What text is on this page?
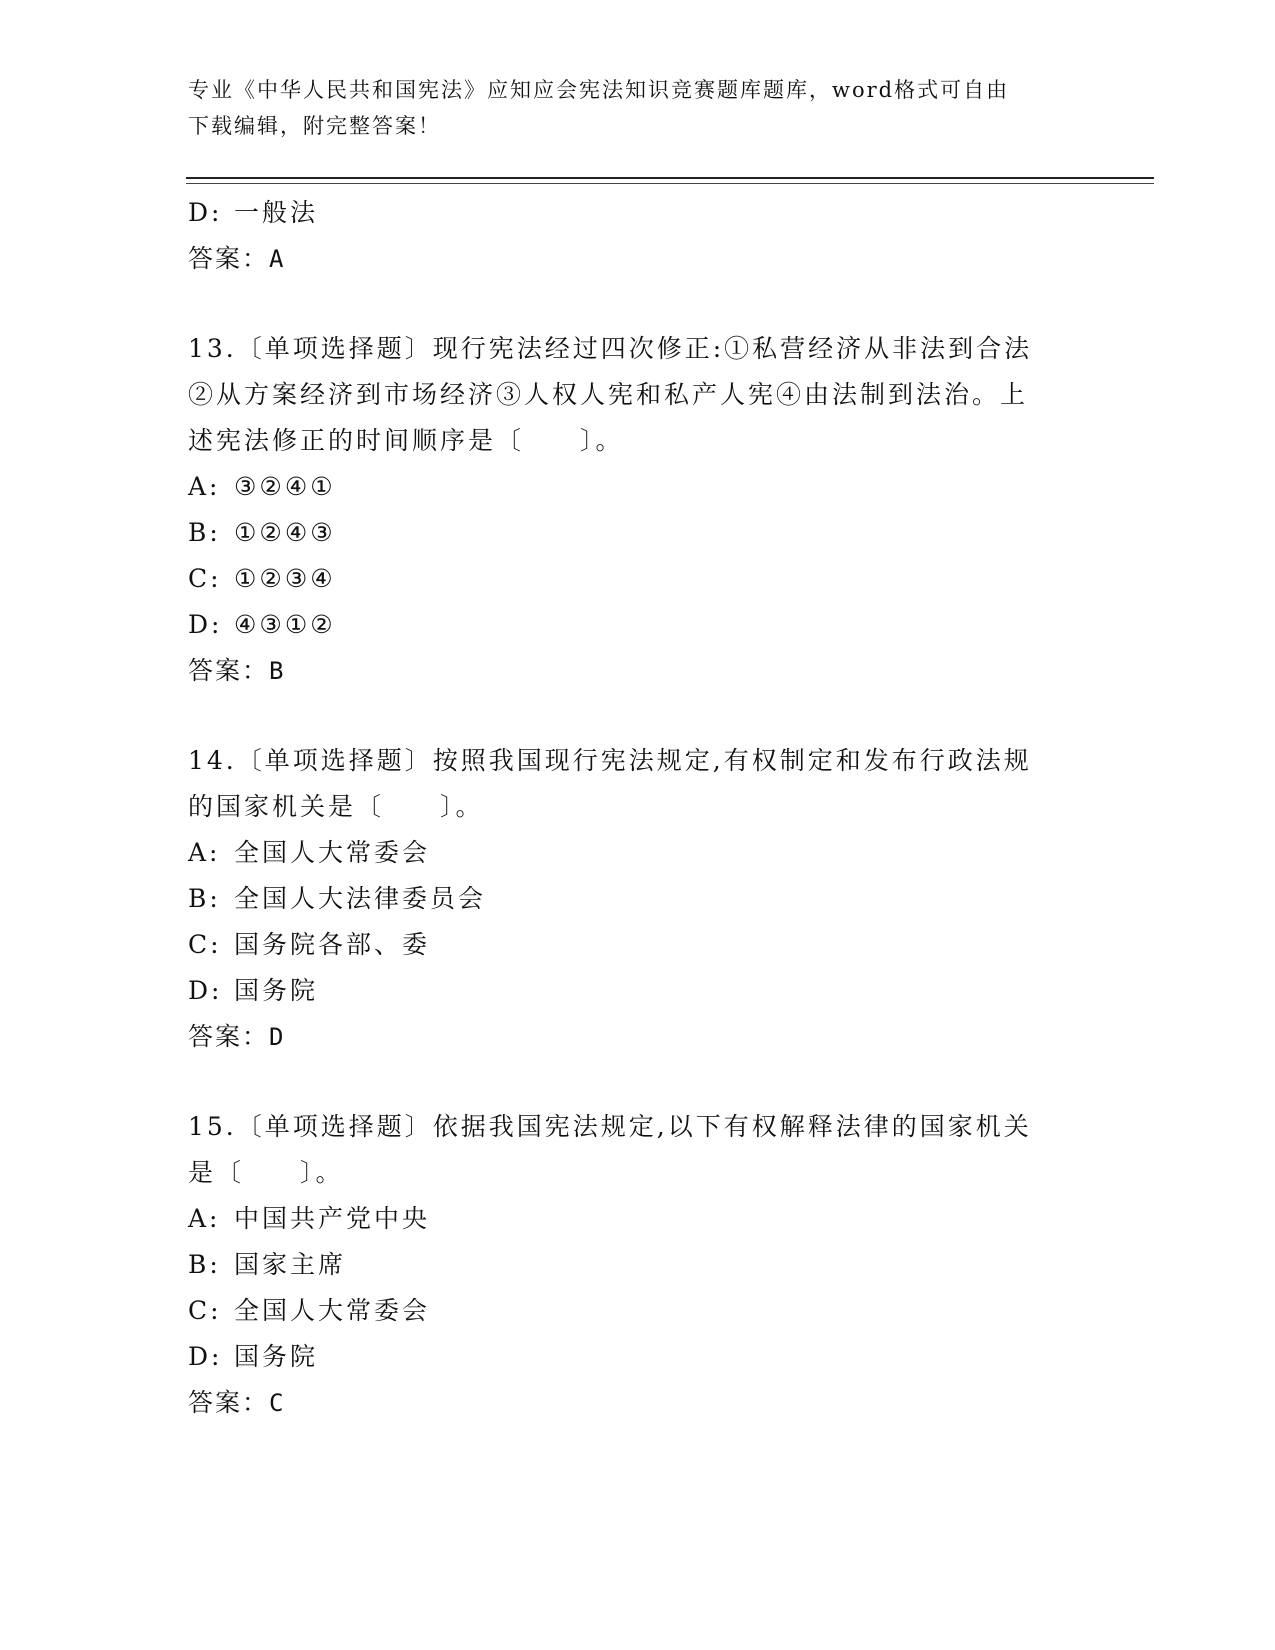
专业《中华人民共和国宪法》应知应会宪法知识竞赛题库题库，word格式可自由
下载编辑，附完整答案！
D: 一般法
答案：A
13.〔单项选择题〕现行宪法经过四次修正:①私营经济从非法到合法
②从方案经济到市场经济③人权人宪和私产人宪④由法制到法治。上
述宪法修正的时间顺序是〔　　〕。
A: ③②④①
B: ①②④③
C: ①②③④
D: ④③①②
答案：B
14.〔单项选择题〕按照我国现行宪法规定,有权制定和发布行政法规
的国家机关是〔　　〕。
A: 全国人大常委会
B: 全国人大法律委员会
C: 国务院各部、委
D: 国务院
答案：D
15.〔单项选择题〕依据我国宪法规定,以下有权解释法律的国家机关
是〔　　〕。
A: 中国共产党中央
B: 国家主席
C: 全国人大常委会
D: 国务院
答案：C
